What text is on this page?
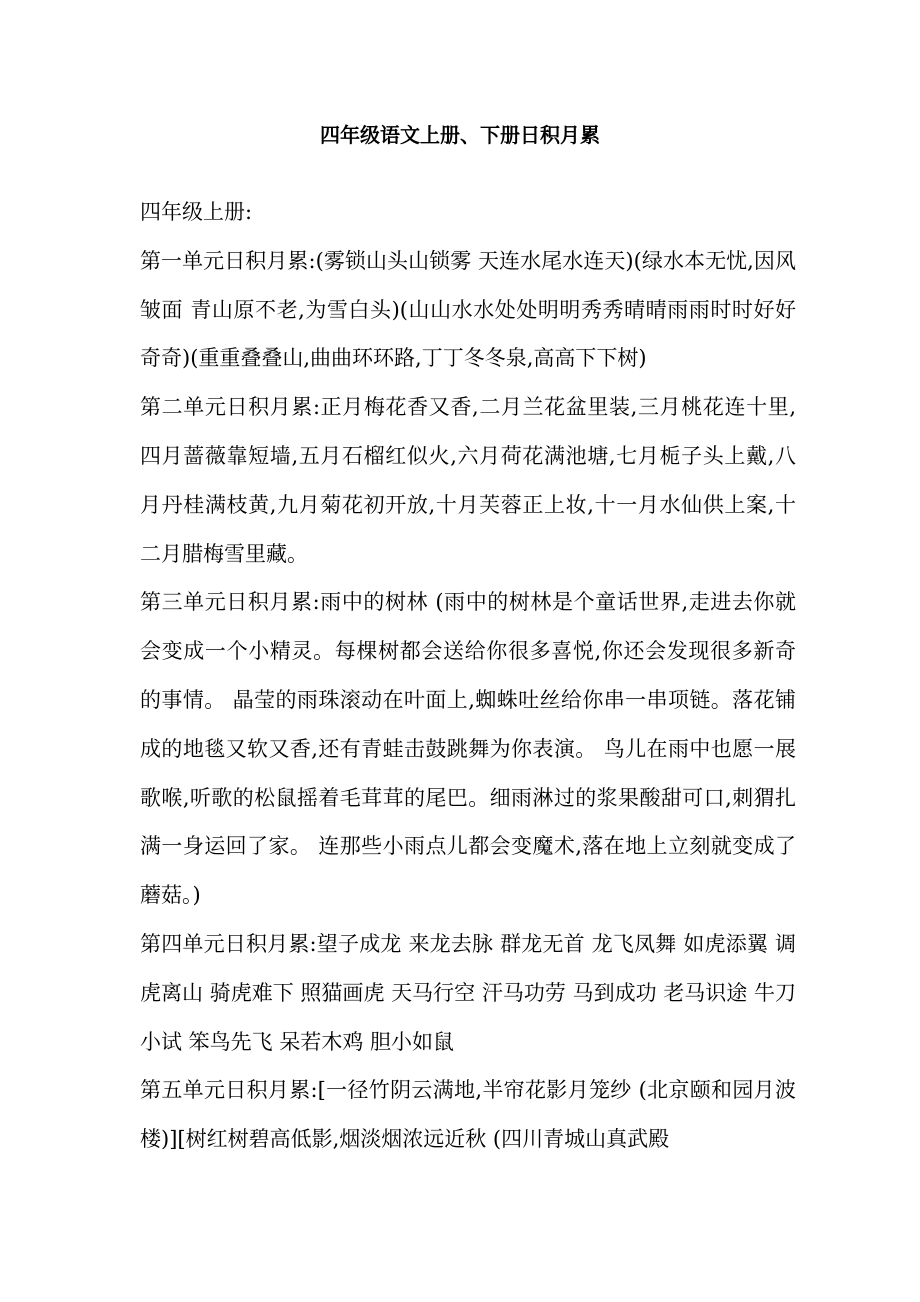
四年级语文上册、下册日积月累

四年级上册:

第一单元日积月累:(雾锁山头山锁雾 天连水尾水连天)(绿水本无忧,因风皱面 青山原不老,为雪白头)(山山水水处处明明秀秀晴晴雨雨时时好好奇奇)(重重叠叠山,曲曲环环路,丁丁冬冬泉,高高下下树)

第二单元日积月累:正月梅花香又香,二月兰花盆里装,三月桃花连十里,四月蔷薇靠短墙,五月石榴红似火,六月荷花满池塘,七月栀子头上戴,八月丹桂满枝黄,九月菊花初开放,十月芙蓉正上妆,十一月水仙供上案,十二月腊梅雪里藏。

第三单元日积月累:雨中的树林 (雨中的树林是个童话世界,走进去你就会变成一个小精灵。每棵树都会送给你很多喜悦,你还会发现很多新奇的事情。 晶莹的雨珠滚动在叶面上,蜘蛛吐丝给你串一串项链。落花铺成的地毯又软又香,还有青蛙击鼓跳舞为你表演。 鸟儿在雨中也愿一展歌喉,听歌的松鼠摇着毛茸茸的尾巴。细雨淋过的浆果酸甜可口,刺猬扎满一身运回了家。 连那些小雨点儿都会变魔术,落在地上立刻就变成了蘑菇。)

第四单元日积月累:望子成龙 来龙去脉 群龙无首 龙飞凤舞 如虎添翼 调虎离山 骑虎难下 照猫画虎 天马行空 汗马功劳 马到成功 老马识途 牛刀小试 笨鸟先飞 呆若木鸡 胆小如鼠

第五单元日积月累:[一径竹阴云满地,半帘花影月笼纱 (北京颐和园月波楼)][树红树碧高低影,烟淡烟浓远近秋 (四川青城山真武殿
